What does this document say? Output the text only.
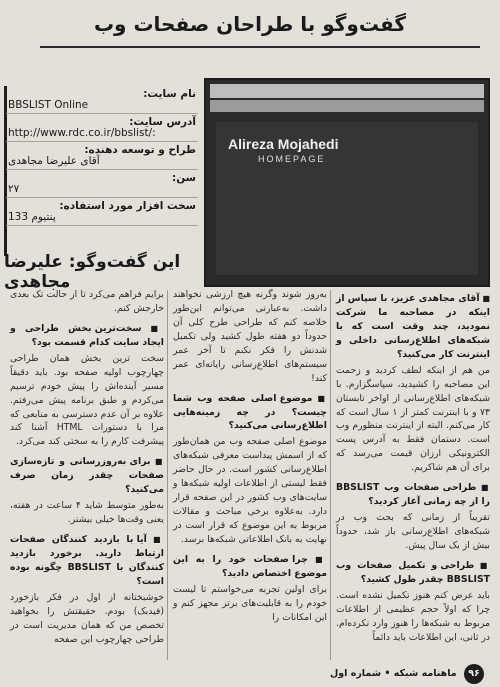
گفت‌وگو با طراحان صفحات وب
Alireza Mojahedi
HOMEPAGE
نام سایت:
BBSLIST Online
آدرس سایت:
http://www.rdc.co.ir/bbslist/:
طراح و توسعه دهنده:
آقای علیرضا مجاهدی
سن:
۲۷
سخت افزار مورد استفاده:
پنتیوم 133
این گفت‌وگو: علیرضا مجاهدی
■ آقای مجاهدی عزیز، با سپاس از اینکه در مصاحبه ما شرکت نمودید، چند وقت است که با شبکه‌های اطلاع‌رسانی داخلی و اینترنت کار می‌کنید؟
من هم از اینکه لطف کردید و زحمت این مصاحبه را کشیدید، سپاسگزارم. با شبکه‌های اطلاع‌رسانی از اواخر تابستان ۷۳ و با اینترنت کمتر از ۱ سال است که کار می‌کنم. البته از اینترنت منظورم وب است. دستمان فقط به آدرس پست الکترونیکی ارزان قیمت می‌رسد که برای آن هم شاکریم.
■ طراحی صفحات وب BBSLIST را از چه زمانی آغاز کردید؟
تقریباً از زمانی که بحث وب در شبکه‌های اطلاع‌رسانی باز شد، حدوداً بیش از یک سال پیش.
■ طراحی و تکمیل صفحات وب BBSLIST چقدر طول کشید؟
باید عرض کنم هنوز تکمیل نشده است. چرا که اولاً حجم عظیمی از اطلاعات مربوط به شبکه‌ها را هنوز وارد نکرده‌ام. در ثانی، این اطلاعات باید دائماً
به‌روز شوند وگرنه هیچ ارزشی نخواهند داشت. به‌عبارتی می‌توانم این‌طور خلاصه کنم که طراحی طرح کلی آن حدوداً دو هفته طول کشید ولی تکمیل شدنش را فکر نکنم تا آخر عمر سیستم‌های اطلاع‌رسانی رایانه‌ای عمر کند!
■ موضوع اصلی صفحه وب شما چیست؟ در چه زمینه‌هایی اطلاع‌رسانی می‌کنید؟
موضوع اصلی صفحه وب من همان‌طور که از اسمش پیداست معرفی شبکه‌های اطلاع‌رسانی کشور است. در حال حاضر فقط لیستی از اطلاعات اولیه شبکه‌ها و سایت‌های وب کشور در این صفحه قرار دارد. به‌علاوه برخی مباحث و مقالات مربوط به این موضوع که قرار است در نهایت به بانک اطلاعاتی شبکه‌ها برسد.
■ چرا صفحات خود را به این موضوع اختصاص دادید؟
برای اولین تجربه می‌خواستم تا لیست خودم را به قابلیت‌های برتر مجهز کنم و این امکانات را
برایم فراهم می‌کرد تا از حالت تک بعدی خارجش کنم.
■ سخت‌ترین بخش طراحی و ایجاد سایت کدام قسمت بود؟
سخت ترین بخش همان طراحی چهارچوب اولیه صفحه بود. باید دقیقاً مسیر آینده‌اش را پیش خودم ترسیم می‌کردم و طبق برنامه پیش می‌رفتم. علاوه بر آن عدم دسترسی به منابعی که مرا با دستورات HTML آشنا کند پیشرفت کارم را به سختی کند می‌کرد.
■ برای به‌روزرسانی و تازه‌سازی صفحات چقدر زمان صرف می‌کنید؟
به‌طور متوسط شاید ۴ ساعت در هفته، یعنی وقت‌ها خیلی بیشتر.
■ آیا با بازدید کنندگان صفحات ارتباط دارید. برخورد بازدید کنندگان با BBSLIST چگونه بوده است؟
خوشبختانه از اول در فکر بازخورد (فیدبک) بودم. حقیقتش را بخواهید تخصص من که همان مدیریت است در طراحی چهارچوب این صفحه
۹۶ ماهنامه شبکه • شماره اول
